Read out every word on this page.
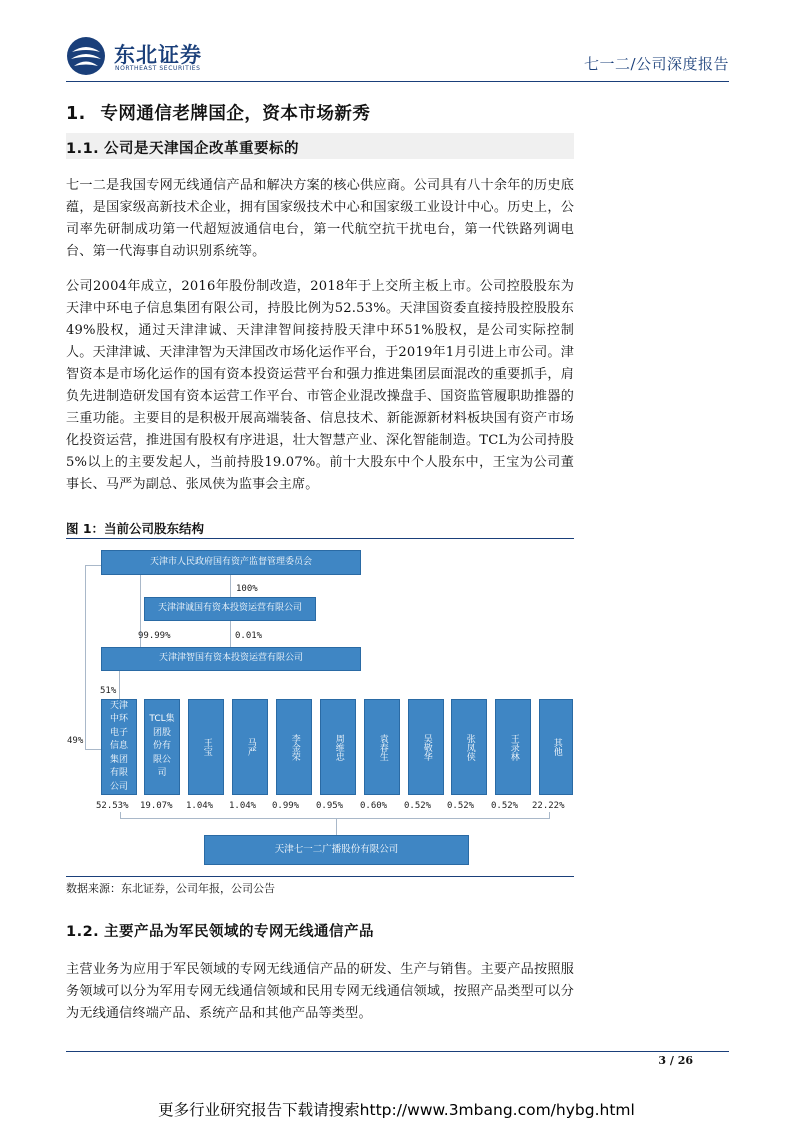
东北证券
NORTHEAST SECURITIES	七一二/公司深度报告
1. 专网通信老牌国企，资本市场新秀
1.1. 公司是天津国企改革重要标的

七一二是我国专网无线通信产品和解决方案的核心供应商。公司具有八十余年的历史底蕴，是国家级高新技术企业，拥有国家级技术中心和国家级工业设计中心。历史上，公司率先研制成功第一代超短波通信电台，第一代航空抗干扰电台，第一代铁路列调电台、第一代海事自动识别系统等。

公司2004年成立，2016年股份制改造，2018年于上交所主板上市。公司控股股东为天津中环电子信息集团有限公司，持股比例为52.53%。天津国资委直接持股控股股东49%股权，通过天津津诚、天津津智间接持股天津中环51%股权，是公司实际控制人。天津津诚、天津津智为天津国改市场化运作平台，于2019年1月引进上市公司。津智资本是市场化运作的国有资本投资运营平台和强力推进集团层面混改的重要抓手，肩负先进制造研发国有资本运营工作平台、市管企业混改操盘手、国资监管履职助推器的三重功能。主要目的是积极开展高端装备、信息技术、新能源新材料板块国有资产市场化投资运营，推进国有股权有序进退，壮大智慧产业、深化智能制造。TCL为公司持股5%以上的主要发起人，当前持股19.07%。前十大股东中个人股东中，王宝为公司董事长、马严为副总、张凤侠为监事会主席。

图 1：当前公司股东结构
天津市人民政府国有资产监督管理委员会
100%
天津津诚国有资本投资运营有限公司
99.99%	0.01%
天津津智国有资本投资运营有限公司
51%
49%
天津中环电子信息集团有限公司
TCL集团股份有限公司
王宝	马严	李金荣	周维忠	袁春生	吴敬华	张凤侠	王录林	其他
52.53% 19.07% 1.04% 1.04% 0.99% 0.95% 0.60% 0.52% 0.52% 0.52% 22.22%
天津七一二广播股份有限公司
数据来源：东北证券，公司年报，公司公告
1.2. 主要产品为军民领域的专网无线通信产品

主营业务为应用于军民领域的专网无线通信产品的研发、生产与销售。主要产品按照服务领域可以分为军用专网无线通信领域和民用专网无线通信领域，按照产品类型可以分为无线通信终端产品、系统产品和其他产品等类型。

3 / 26
更多行业研究报告下载请搜索http://www.3mbang.com/hybg.html
